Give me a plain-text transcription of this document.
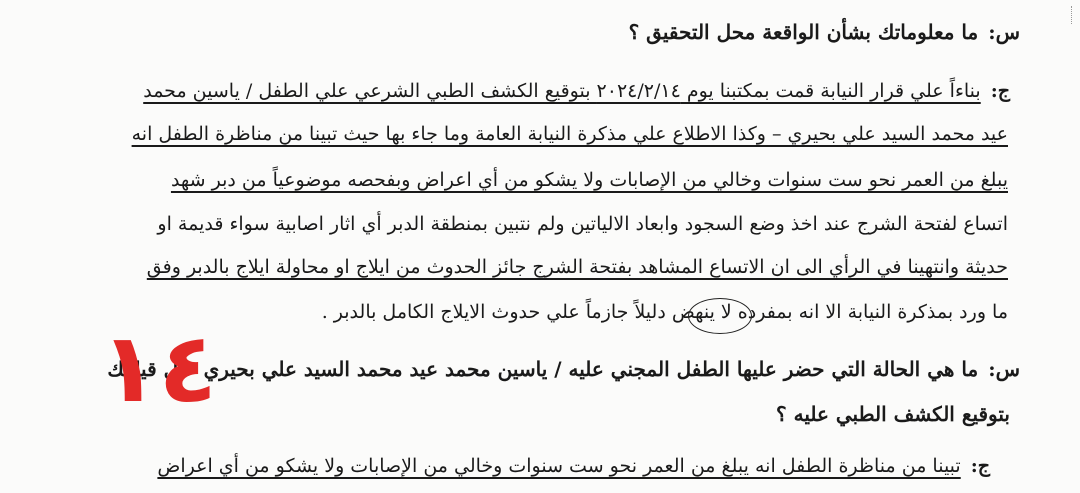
س:ما معلوماتك بشأن الواقعة محل التحقيق ؟
ج:بناءاً علي قرار النيابة قمت بمكتبنا يوم ٢٠٢٤/٢/١٤ بتوقيع الكشف الطبي الشرعي علي الطفل / ياسين محمد
عيد محمد السيد علي بحيري – وكذا الاطلاع علي مذكرة النيابة العامة وما جاء بها حيث تبينا من مناظرة الطفل انه
يبلغ من العمر نحو ست سنوات وخالي من الإصابات ولا يشكو من أي اعراض وبفحصه موضوعياً من دبر شهد
اتساع لفتحة الشرج عند اخذ وضع السجود وابعاد الالياتين ولم نتبين بمنطقة الدبر أي اثار اصابية سواء قديمة او
حديثة وانتهينا في الرأي الى ان الاتساع المشاهد بفتحة الشرج جائز الحدوث من ايلاج او محاولة ايلاج بالدبر وفق
ما ورد بمذكرة النيابة الا انه بمفرده لا ينهض دليلاً جازماً علي حدوث الايلاج الكامل بالدبر .
س:ما هي الحالة التي حضر عليها الطفل المجني عليه / ياسين محمد عيد محمد السيد علي بحيري حال قيامك
بتوقيع الكشف الطبي عليه ؟
ج:تبينا من مناظرة الطفل انه يبلغ من العمر نحو ست سنوات وخالي من الإصابات ولا يشكو من أي اعراض
١٤
